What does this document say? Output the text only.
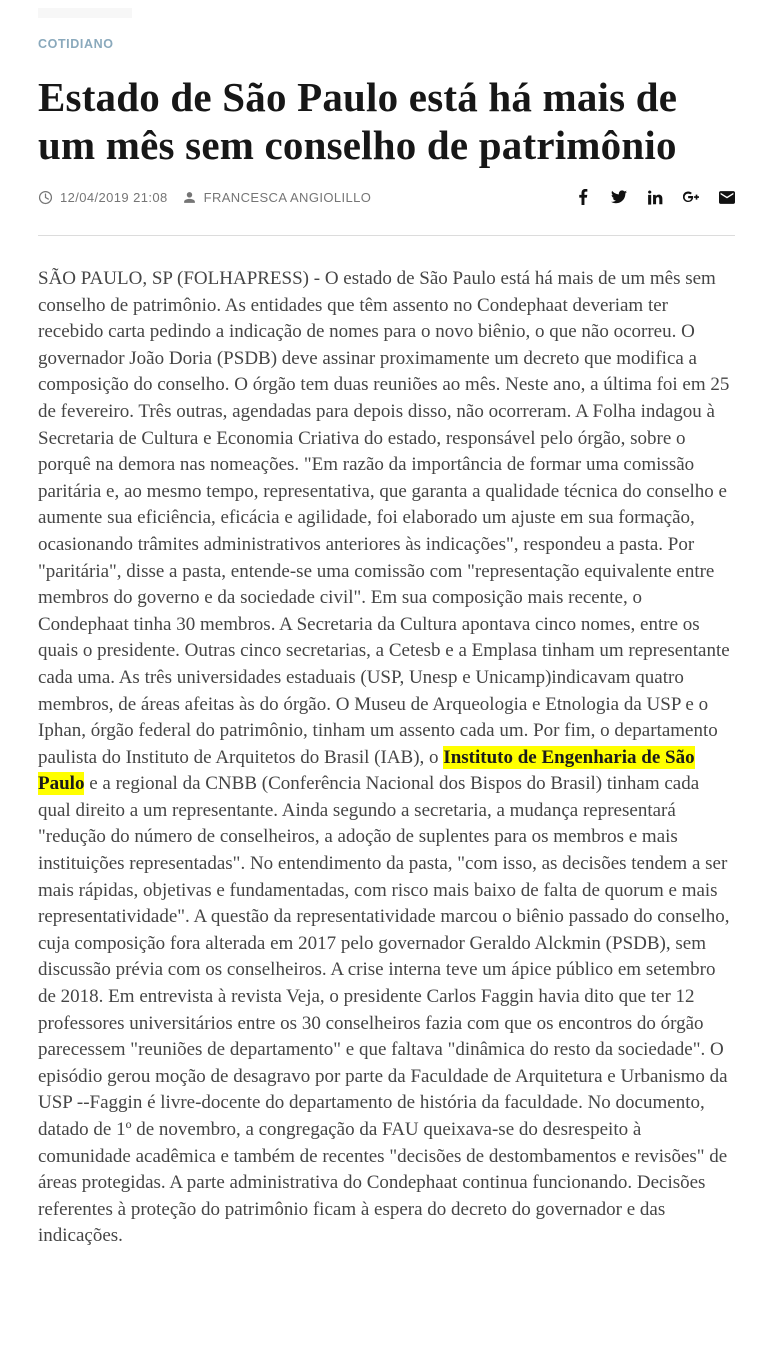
COTIDIANO
Estado de São Paulo está há mais de um mês sem conselho de patrimônio
12/04/2019 21:08	FRANCESCA ANGIOLILLO

SÃO PAULO, SP (FOLHAPRESS) - O estado de São Paulo está há mais de um mês sem conselho de patrimônio. As entidades que têm assento no Condephaat deveriam ter recebido carta pedindo a indicação de nomes para o novo biênio, o que não ocorreu. O governador João Doria (PSDB) deve assinar proximamente um decreto que modifica a composição do conselho. O órgão tem duas reuniões ao mês. Neste ano, a última foi em 25 de fevereiro. Três outras, agendadas para depois disso, não ocorreram. A Folha indagou à Secretaria de Cultura e Economia Criativa do estado, responsável pelo órgão, sobre o porquê na demora nas nomeações. "Em razão da importância de formar uma comissão paritária e, ao mesmo tempo, representativa, que garanta a qualidade técnica do conselho e aumente sua eficiência, eficácia e agilidade, foi elaborado um ajuste em sua formação, ocasionando trâmites administrativos anteriores às indicações", respondeu a pasta. Por "paritária", disse a pasta, entende-se uma comissão com "representação equivalente entre membros do governo e da sociedade civil". Em sua composição mais recente, o Condephaat tinha 30 membros. A Secretaria da Cultura apontava cinco nomes, entre os quais o presidente. Outras cinco secretarias, a Cetesb e a Emplasa tinham um representante cada uma. As três universidades estaduais (USP, Unesp e Unicamp)indicavam quatro membros, de áreas afeitas às do órgão. O Museu de Arqueologia e Etnologia da USP e o Iphan, órgão federal do patrimônio, tinham um assento cada um. Por fim, o departamento paulista do Instituto de Arquitetos do Brasil (IAB), o Instituto de Engenharia de São Paulo e a regional da CNBB (Conferência Nacional dos Bispos do Brasil) tinham cada qual direito a um representante. Ainda segundo a secretaria, a mudança representará "redução do número de conselheiros, a adoção de suplentes para os membros e mais instituições representadas". No entendimento da pasta, "com isso, as decisões tendem a ser mais rápidas, objetivas e fundamentadas, com risco mais baixo de falta de quorum e mais representatividade". A questão da representatividade marcou o biênio passado do conselho, cuja composição fora alterada em 2017 pelo governador Geraldo Alckmin (PSDB), sem discussão prévia com os conselheiros. A crise interna teve um ápice público em setembro de 2018. Em entrevista à revista Veja, o presidente Carlos Faggin havia dito que ter 12 professores universitários entre os 30 conselheiros fazia com que os encontros do órgão parecessem "reuniões de departamento" e que faltava "dinâmica do resto da sociedade". O episódio gerou moção de desagravo por parte da Faculdade de Arquitetura e Urbanismo da USP --Faggin é livre-docente do departamento de história da faculdade. No documento, datado de 1º de novembro, a congregação da FAU queixava-se do desrespeito à comunidade acadêmica e também de recentes "decisões de destombamentos e revisões" de áreas protegidas. A parte administrativa do Condephaat continua funcionando. Decisões referentes à proteção do patrimônio ficam à espera do decreto do governador e das indicações.
